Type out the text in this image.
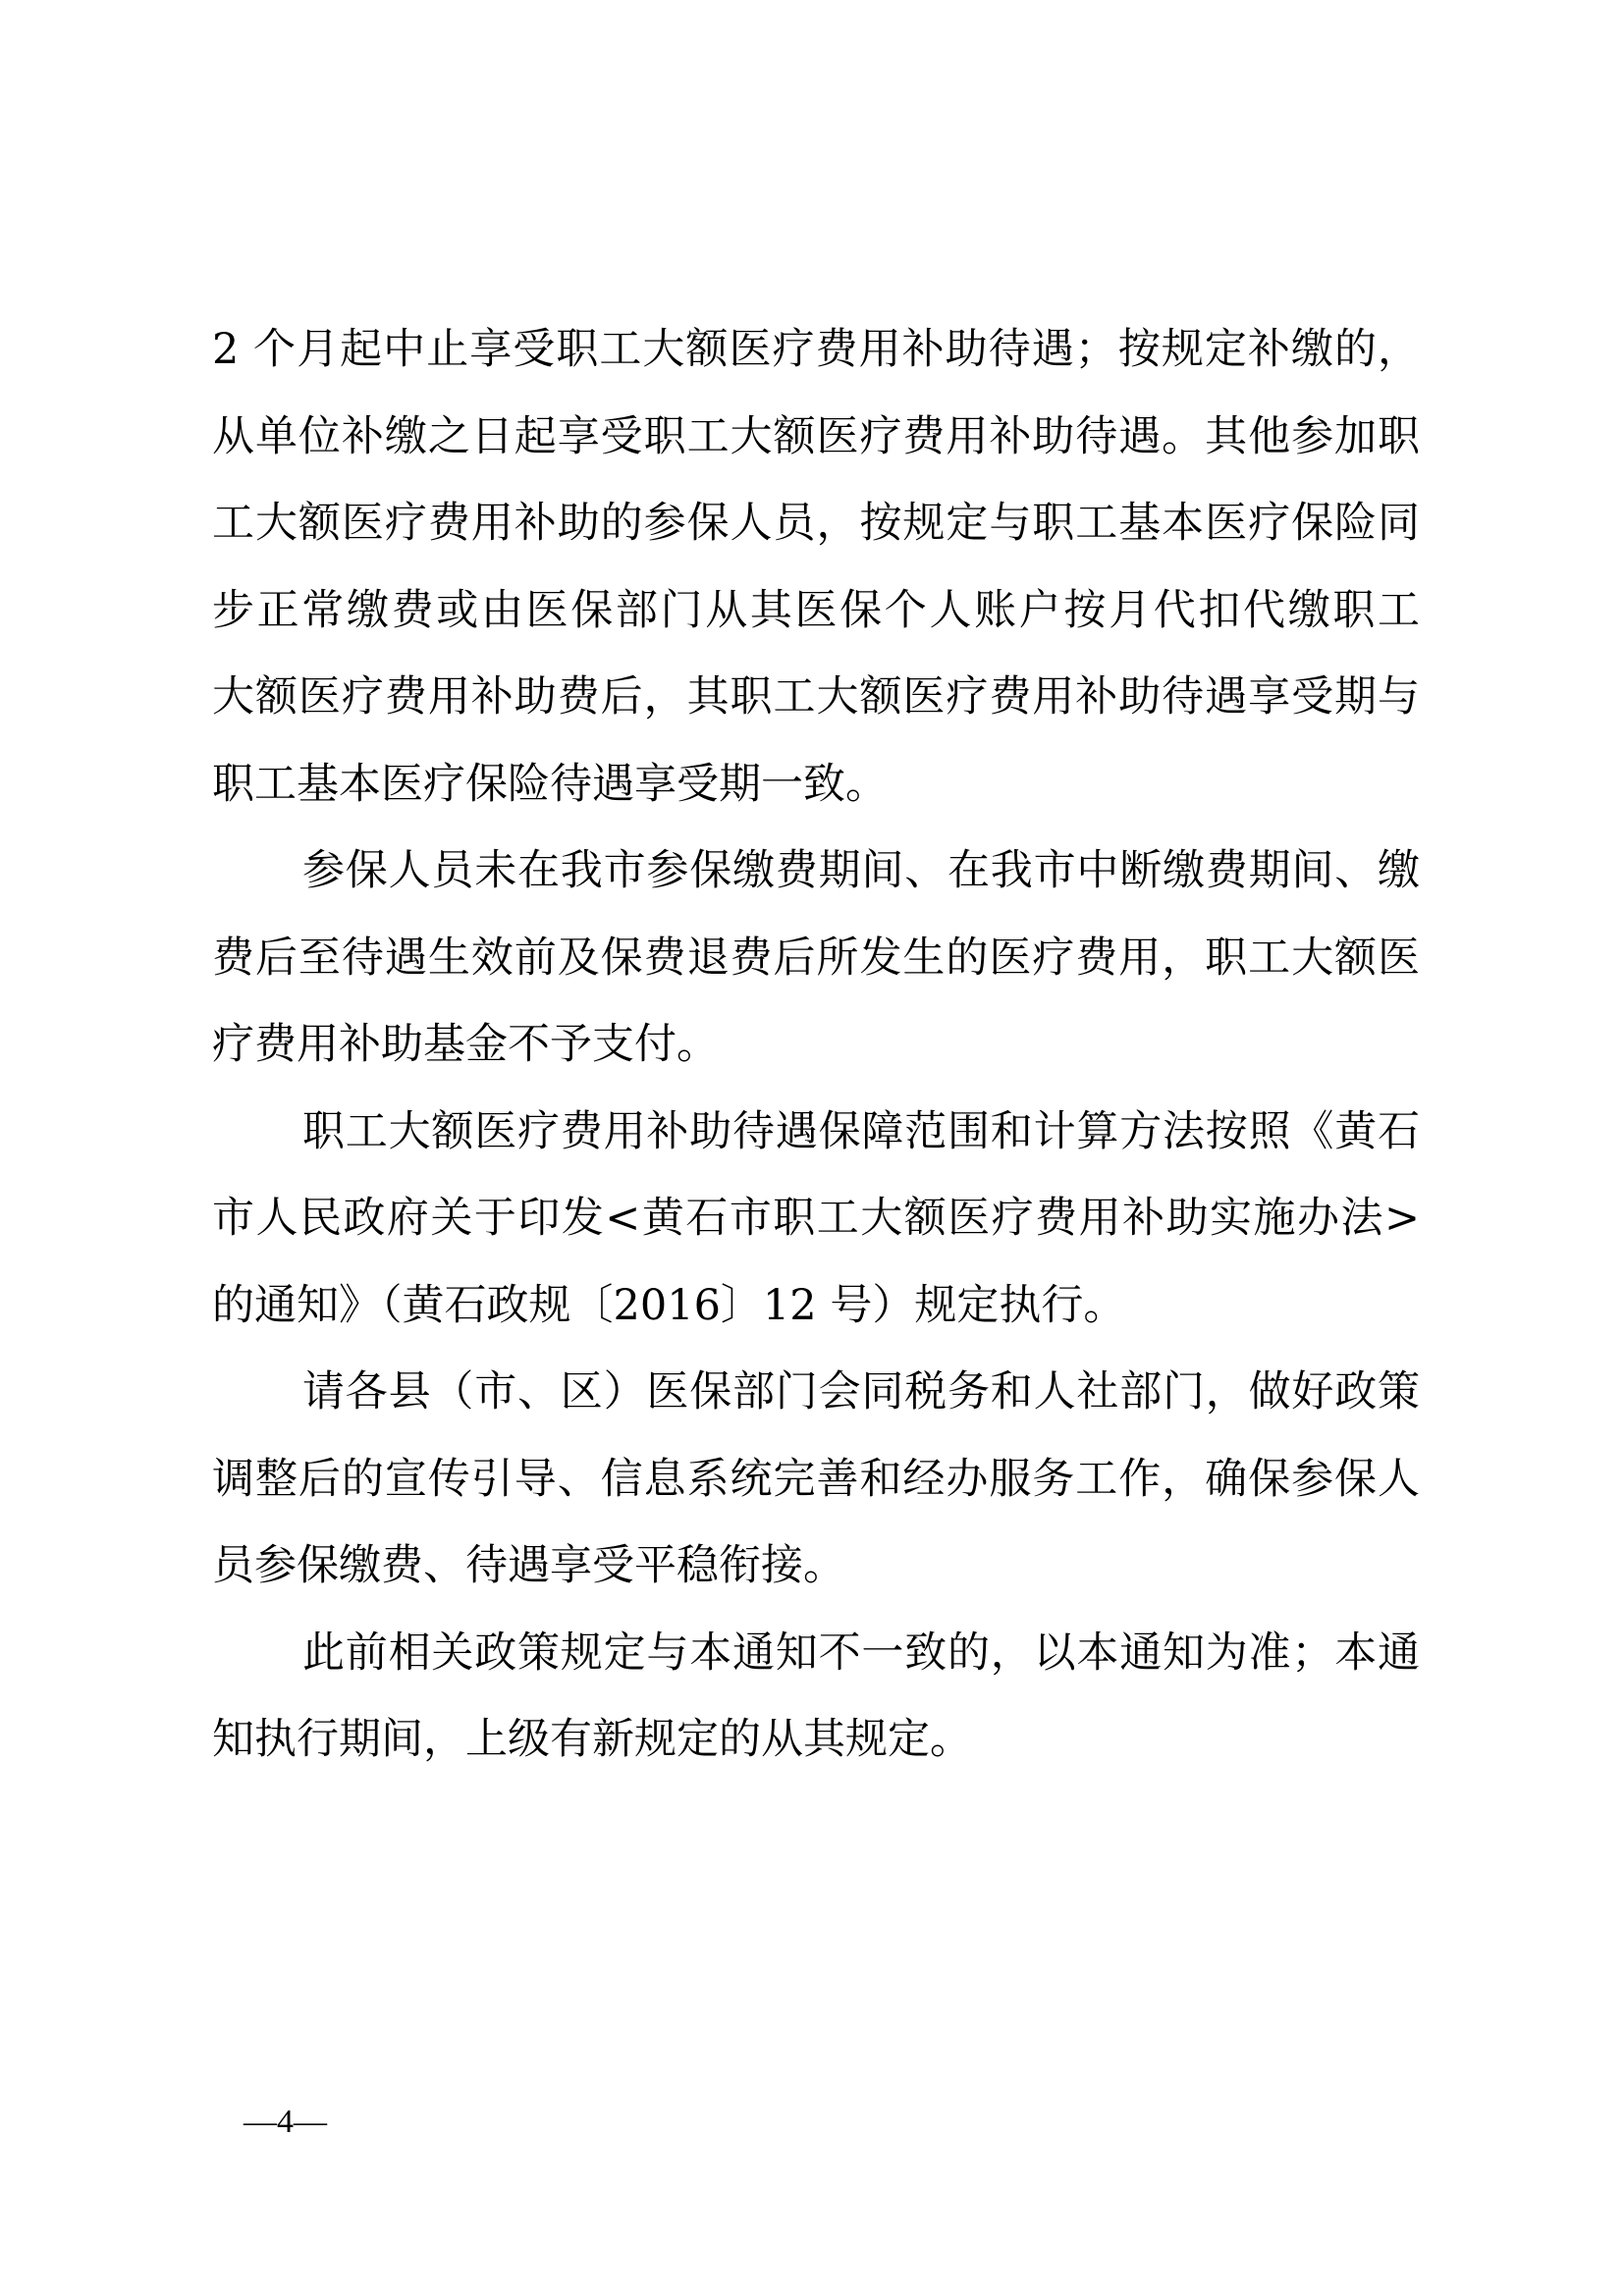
2 个月起中止享受职工大额医疗费用补助待遇；按规定补缴的，
从单位补缴之日起享受职工大额医疗费用补助待遇。其他参加职
工大额医疗费用补助的参保人员，按规定与职工基本医疗保险同
步正常缴费或由医保部门从其医保个人账户按月代扣代缴职工
大额医疗费用补助费后，其职工大额医疗费用补助待遇享受期与
职工基本医疗保险待遇享受期一致。
参保人员未在我市参保缴费期间、在我市中断缴费期间、缴
费后至待遇生效前及保费退费后所发生的医疗费用，职工大额医
疗费用补助基金不予支付。
职工大额医疗费用补助待遇保障范围和计算方法按照《黄石
市人民政府关于印发<黄石市职工大额医疗费用补助实施办法>
的通知》（黄石政规〔2016〕12 号）规定执行。
请各县（市、区）医保部门会同税务和人社部门，做好政策
调整后的宣传引导、信息系统完善和经办服务工作，确保参保人
员参保缴费、待遇享受平稳衔接。
此前相关政策规定与本通知不一致的，以本通知为准；本通
知执行期间，上级有新规定的从其规定。
—4—
